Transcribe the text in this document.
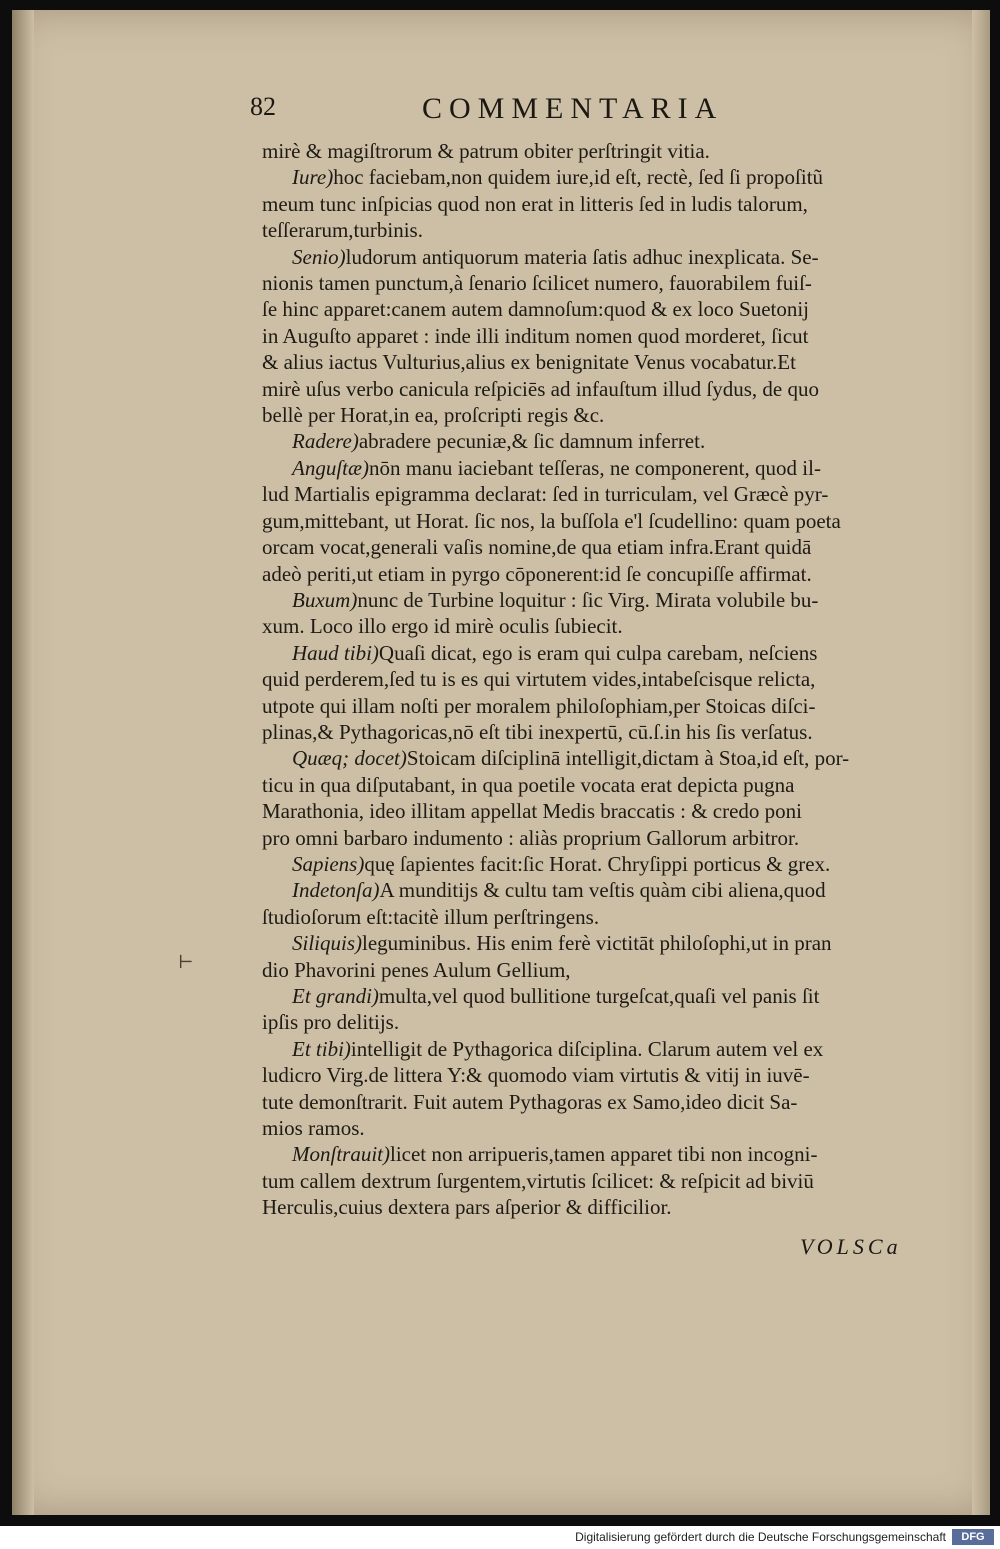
82	COMMENTARIA
mirè & magiſtrorum & patrum obiter perſtringit vitia.
Iure)hoc faciebam,non quidem iure,id eſt, rectè, ſed ſi propoſitũ
meum tunc inſpicias quod non erat in litteris ſed in ludis talorum,
teſſerarum,turbinis.
Senio)ludorum antiquorum materia ſatis adhuc inexplicata. Se-
nionis tamen punctum,à ſenario ſcilicet numero, fauorabilem fuiſ-
ſe hinc apparet:canem autem damnoſum:quod & ex loco Suetonij
in Auguſto apparet : inde illi inditum nomen quod morderet, ſicut
& alius iactus Vulturius,alius ex benignitate Venus vocabatur.Et
mirè uſus verbo canicula reſpiciēs ad infauſtum illud ſydus, de quo
bellè per Horat,in ea, proſcripti regis &c.
Radere)abradere pecuniæ,& ſic damnum inferret.
Anguſtæ)nōn manu iaciebant teſſeras, ne componerent, quod il-
lud Martialis epigramma declarat: ſed in turriculam, vel Græcè pyr-
gum,mittebant, ut Horat. ſic nos, la buſſola e'l ſcudellino: quam poeta
orcam vocat,generali vaſis nomine,de qua etiam infra.Erant quidā
adeò periti,ut etiam in pyrgo cōponerent:id ſe concupiſſe affirmat.
Buxum)nunc de Turbine loquitur : ſic Virg. Mirata volubile bu-
xum. Loco illo ergo id mirè oculis ſubiecit.
Haud tibi)Quaſi dicat, ego is eram qui culpa carebam, neſciens
quid perderem,ſed tu is es qui virtutem vides,intabeſcisque relicta,
utpote qui illam noſti per moralem philoſophiam,per Stoicas diſci-
plinas,& Pythagoricas,nō eſt tibi inexpertū, cū.ſ.in his ſis verſatus.
Quæq; docet)Stoicam diſciplinā intelligit,dictam à Stoa,id eſt, por-
ticu in qua diſputabant, in qua poetile vocata erat depicta pugna
Marathonia, ideo illitam appellat Medis braccatis : & credo poni
pro omni barbaro indumento : aliàs proprium Gallorum arbitror.
Sapiens)quę ſapientes facit:ſic Horat. Chryſippi porticus & grex.
Indetonſa)A munditijs & cultu tam veſtis quàm cibi aliena,quod
ſtudioſorum eſt:tacitè illum perſtringens.
Siliquis)leguminibus. His enim ferè victitāt philoſophi,ut in pran
dio Phavorini penes Aulum Gellium,
Et grandi)multa,vel quod bullitione turgeſcat,quaſi vel panis ſit
ipſis pro delitijs.
Et tibi)intelligit de Pythagorica diſciplina. Clarum autem vel ex
ludicro Virg.de littera Y:& quomodo viam virtutis & vitij in iuvē-
tute demonſtrarit. Fuit autem Pythagoras ex Samo,ideo dicit Sa-
mios ramos.
Monſtrauit)licet non arripueris,tamen apparet tibi non incogni-
tum callem dextrum ſurgentem,virtutis ſcilicet: & reſpicit ad biviū
Herculis,cuius dextera pars aſperior & difficilior.
⊢
VOLSCa
Digitalisierung gefördert durch die Deutsche Forschungsgemeinschaft	DFG
